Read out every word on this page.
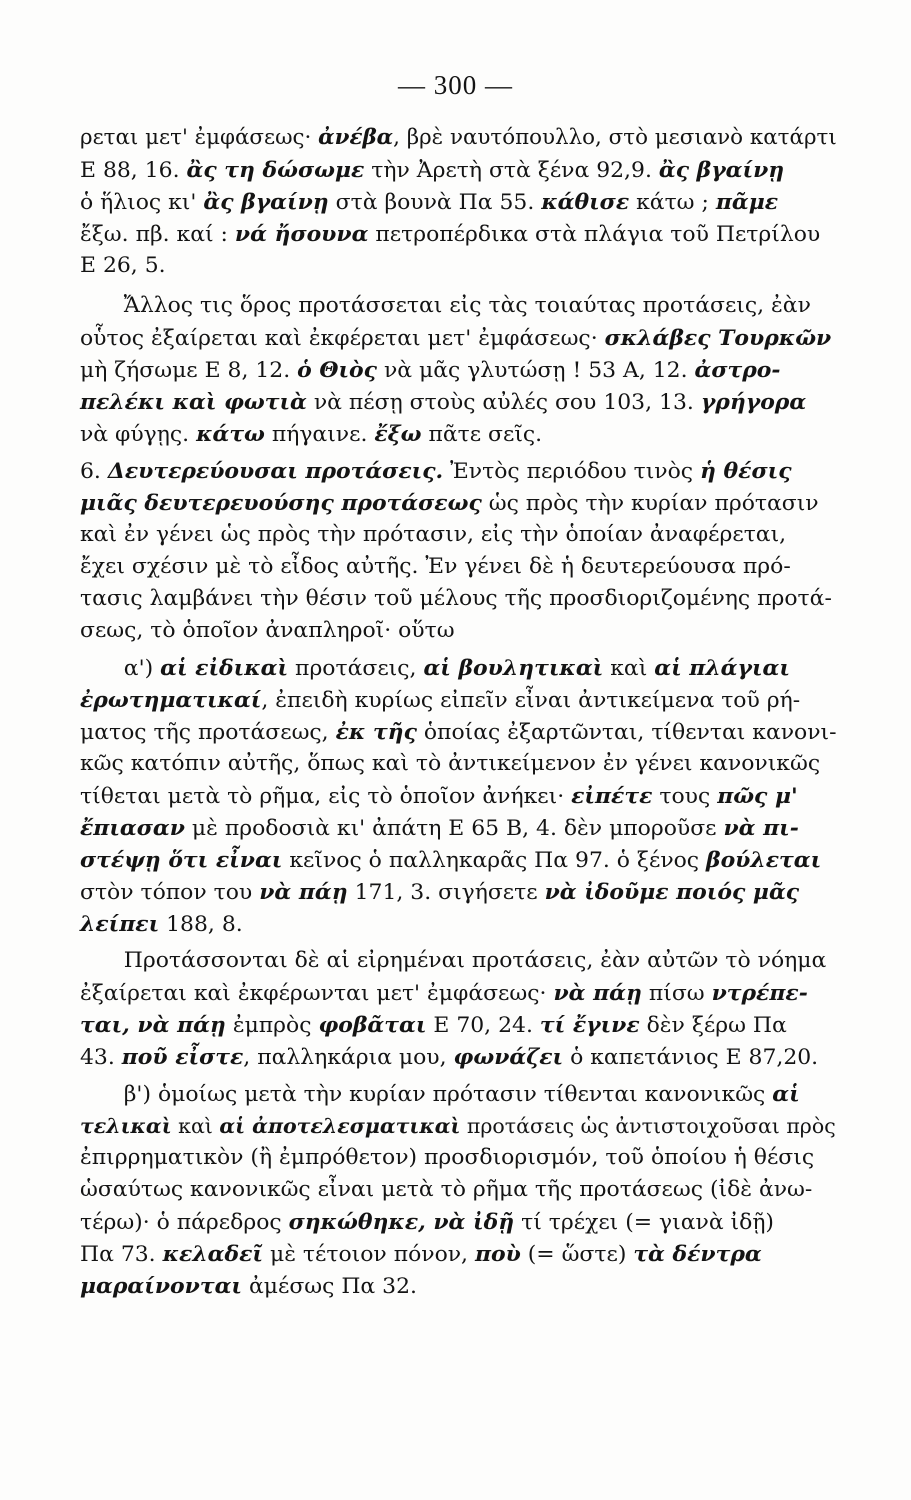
— 300 —
ρεται μετ' ἐμφάσεως· ἀνέβα, βρὲ ναυτόπουλλο, στὸ μεσιανὸ κατάρτι
Ε 88, 16. ἂς τη δώσωμε τὴν Ἀρετὴ στὰ ξένα 92,9. ἂς βγαίνῃ
ὁ ἥλιος κι' ἂς βγαίνῃ στὰ βουνὰ Πα 55. κάθισε κάτω ; πᾶμε
ἔξω. πβ. καί : νά ἤσουνα πετροπέρδικα στὰ πλάγια τοῦ Πετρίλου
Ε 26, 5.
  Ἄλλος τις ὅρος προτάσσεται εἰς τὰς τοιαύτας προτάσεις, ἐὰν
οὗτος ἐξαίρεται καὶ ἐκφέρεται μετ' ἐμφάσεως· σκλάβες Τουρκῶν
μὴ ζήσωμε Ε 8, 12. ὁ Θιὸς νὰ μᾶς γλυτώσῃ ! 53 Α, 12. ἀστρο-
πελέκι καὶ φωτιὰ νὰ πέσῃ στοὺς αὐλές σου 103, 13. γρήγορα
νὰ φύγῃς. κάτω πήγαινε. ἔξω πᾶτε σεῖς.
6. Δευτερεύουσαι προτάσεις. Ἐντὸς περιόδου τινὸς ἡ θέσις
μιᾶς δευτερευούσης προτάσεως ὡς πρὸς τὴν κυρίαν πρότασιν
καὶ ἐν γένει ὡς πρὸς τὴν πρότασιν, εἰς τὴν ὁποίαν ἀναφέρεται,
ἔχει σχέσιν μὲ τὸ εἶδος αὐτῆς. Ἐν γένει δὲ ἡ δευτερεύουσα πρό-
τασις λαμβάνει τὴν θέσιν τοῦ μέλους τῆς προσδιοριζομένης προτά-
σεως, τὸ ὁποῖον ἀναπληροῖ· οὕτω
  α') αἱ εἰδικαὶ προτάσεις, αἱ βουλητικαὶ καὶ αἱ πλάγιαι
ἐρωτηματικαί, ἐπειδὴ κυρίως εἰπεῖν εἶναι ἀντικείμενα τοῦ ρή-
ματος τῆς προτάσεως, ἐκ τῆς ὁποίας ἐξαρτῶνται, τίθενται κανονι-
κῶς κατόπιν αὐτῆς, ὅπως καὶ τὸ ἀντικείμενον ἐν γένει κανονικῶς
τίθεται μετὰ τὸ ρῆμα, εἰς τὸ ὁποῖον ἀνήκει· εἰπέτε τους πῶς μ'
ἔπιασαν μὲ προδοσιὰ κι' ἀπάτη Ε 65 Β, 4. δὲν μποροῦσε νὰ πι-
στέψῃ ὅτι εἶναι κεῖνος ὁ παλληκαρᾶς Πα 97. ὁ ξένος βούλεται
στὸν τόπον του νὰ πάῃ 171, 3. σιγήσετε νὰ ἰδοῦμε ποιός μᾶς
λείπει 188, 8.
  Προτάσσονται δὲ αἱ εἰρημέναι προτάσεις, ἐὰν αὐτῶν τὸ νόημα
ἐξαίρεται καὶ ἐκφέρωνται μετ' ἐμφάσεως· νὰ πάῃ πίσω ντρέπε-
ται, νὰ πάῃ ἐμπρὸς φοβᾶται Ε 70, 24. τί ἔγινε δὲν ξέρω Πα
43. ποῦ εἶστε, παλληκάρια μου, φωνάζει ὁ καπετάνιος Ε 87,20.
  β') ὁμοίως μετὰ τὴν κυρίαν πρότασιν τίθενται κανονικῶς αἱ
τελικαὶ καὶ αἱ ἀποτελεσματικαὶ προτάσεις ὡς ἀντιστοιχοῦσαι πρὸς
ἐπιρρηματικὸν (ἢ ἐμπρόθετον) προσδιορισμόν, τοῦ ὁποίου ἡ θέσις
ὡσαύτως κανονικῶς εἶναι μετὰ τὸ ρῆμα τῆς προτάσεως (ἰδὲ ἀνω-
τέρω)· ὁ πάρεδρος σηκώθηκε, νὰ ἰδῇ τί τρέχει (= γιανὰ ἰδῇ)
Πα 73. κελαδεῖ μὲ τέτοιον πόνον, ποὺ (= ὥστε) τὰ δέντρα
μαραίνονται ἀμέσως Πα 32.
